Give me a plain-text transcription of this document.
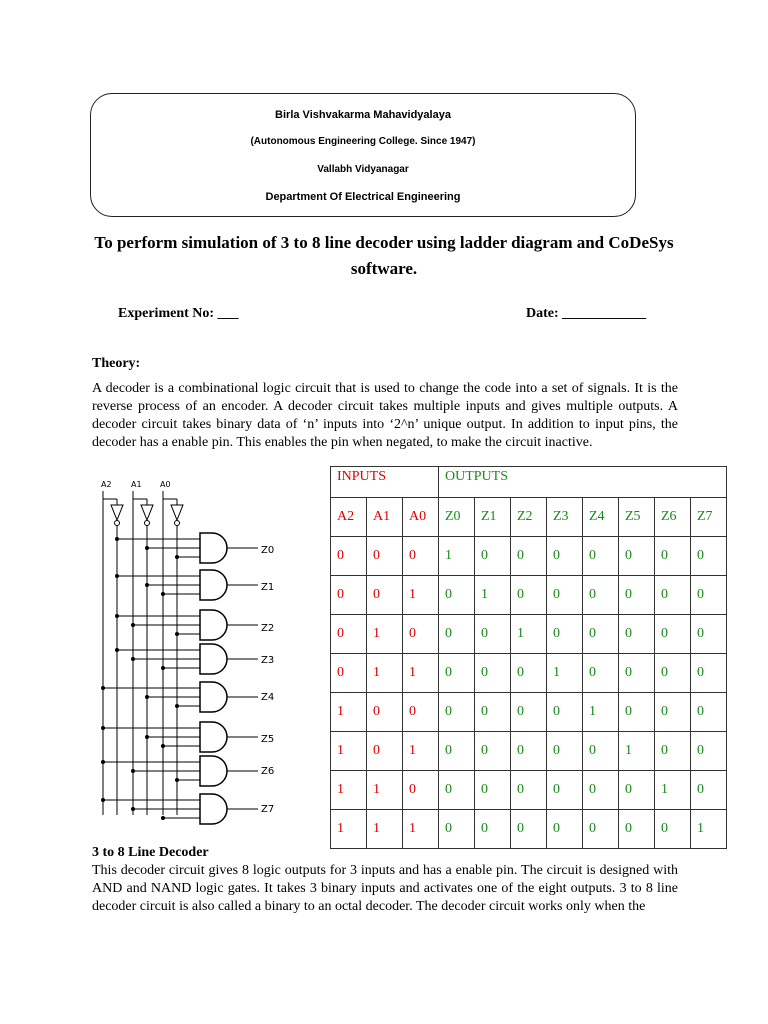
Birla Vishvakarma Mahavidyalaya
(Autonomous Engineering College. Since 1947)
Vallabh Vidyanagar
Department Of Electrical Engineering
To perform simulation of 3 to 8 line decoder using ladder diagram and CoDeSys software.
Experiment No: ___	Date: ____________
Theory:
A decoder is a combinational logic circuit that is used to change the code into a set of signals. It is the reverse process of an encoder. A decoder circuit takes multiple inputs and gives multiple outputs. A decoder circuit takes binary data of ‘n’ inputs into ‘2^n’ unique output. In addition to input pins, the decoder has a enable pin. This enables the pin when negated, to make the circuit inactive.
A2 A1 A0
Z0
Z1
Z2
Z3
Z4
Z5
Z6
Z7
INPUTS			OUTPUTS							
A2	A1	A0	Z0	Z1	Z2	Z3	Z4	Z5	Z6	Z7
0	0	0	1	0	0	0	0	0	0	0
0	0	1	0	1	0	0	0	0	0	0
0	1	0	0	0	1	0	0	0	0	0
0	1	1	0	0	0	1	0	0	0	0
1	0	0	0	0	0	0	1	0	0	0
1	0	1	0	0	0	0	0	1	0	0
1	1	0	0	0	0	0	0	0	1	0
1	1	1	0	0	0	0	0	0	0	1
3 to 8 Line Decoder
This decoder circuit gives 8 logic outputs for 3 inputs and has a enable pin. The circuit is designed with AND and NAND logic gates. It takes 3 binary inputs and activates one of the eight outputs. 3 to 8 line decoder circuit is also called a binary to an octal decoder. The decoder circuit works only when the
